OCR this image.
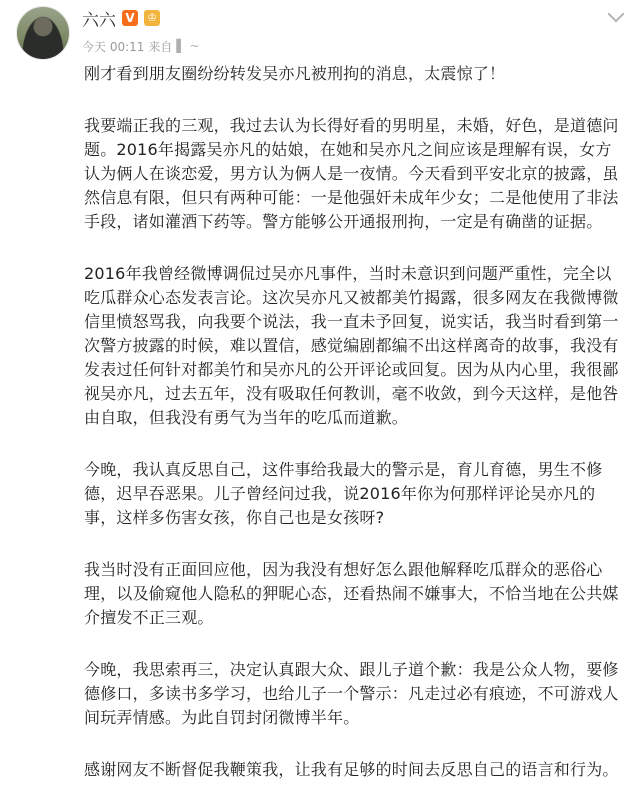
六六 V	♔
今天 00:11 来自 ▌ ~

刚才看到朋友圈纷纷转发吴亦凡被刑拘的消息，太震惊了！

我要端正我的三观，我过去认为长得好看的男明星，未婚，好色，是道德问题。2016年揭露吴亦凡的姑娘，在她和吴亦凡之间应该是理解有误，女方认为俩人在谈恋爱，男方认为俩人是一夜情。今天看到平安北京的披露，虽然信息有限，但只有两种可能：一是他强奸未成年少女；二是他使用了非法手段，诸如灌酒下药等。警方能够公开通报刑拘，一定是有确凿的证据。

2016年我曾经微博调侃过吴亦凡事件，当时未意识到问题严重性，完全以吃瓜群众心态发表言论。这次吴亦凡又被都美竹揭露，很多网友在我微博微信里愤怒骂我，向我要个说法，我一直未予回复，说实话，我当时看到第一次警方披露的时候，难以置信，感觉编剧都编不出这样离奇的故事，我没有发表过任何针对都美竹和吴亦凡的公开评论或回复。因为从内心里，我很鄙视吴亦凡，过去五年，没有吸取任何教训，毫不收敛，到今天这样，是他咎由自取，但我没有勇气为当年的吃瓜而道歉。

今晚，我认真反思自己，这件事给我最大的警示是，育儿育德，男生不修德，迟早吞恶果。儿子曾经问过我，说2016年你为何那样评论吴亦凡的事，这样多伤害女孩，你自己也是女孩呀?

我当时没有正面回应他，因为我没有想好怎么跟他解释吃瓜群众的恶俗心理，以及偷窥他人隐私的狎昵心态，还看热闹不嫌事大，不恰当地在公共媒介擅发不正三观。

今晚，我思索再三，决定认真跟大众、跟儿子道个歉：我是公众人物，要修德修口，多读书多学习，也给儿子一个警示：凡走过必有痕迹，不可游戏人间玩弄情感。为此自罚封闭微博半年。

感谢网友不断督促我鞭策我，让我有足够的时间去反思自己的语言和行为。
